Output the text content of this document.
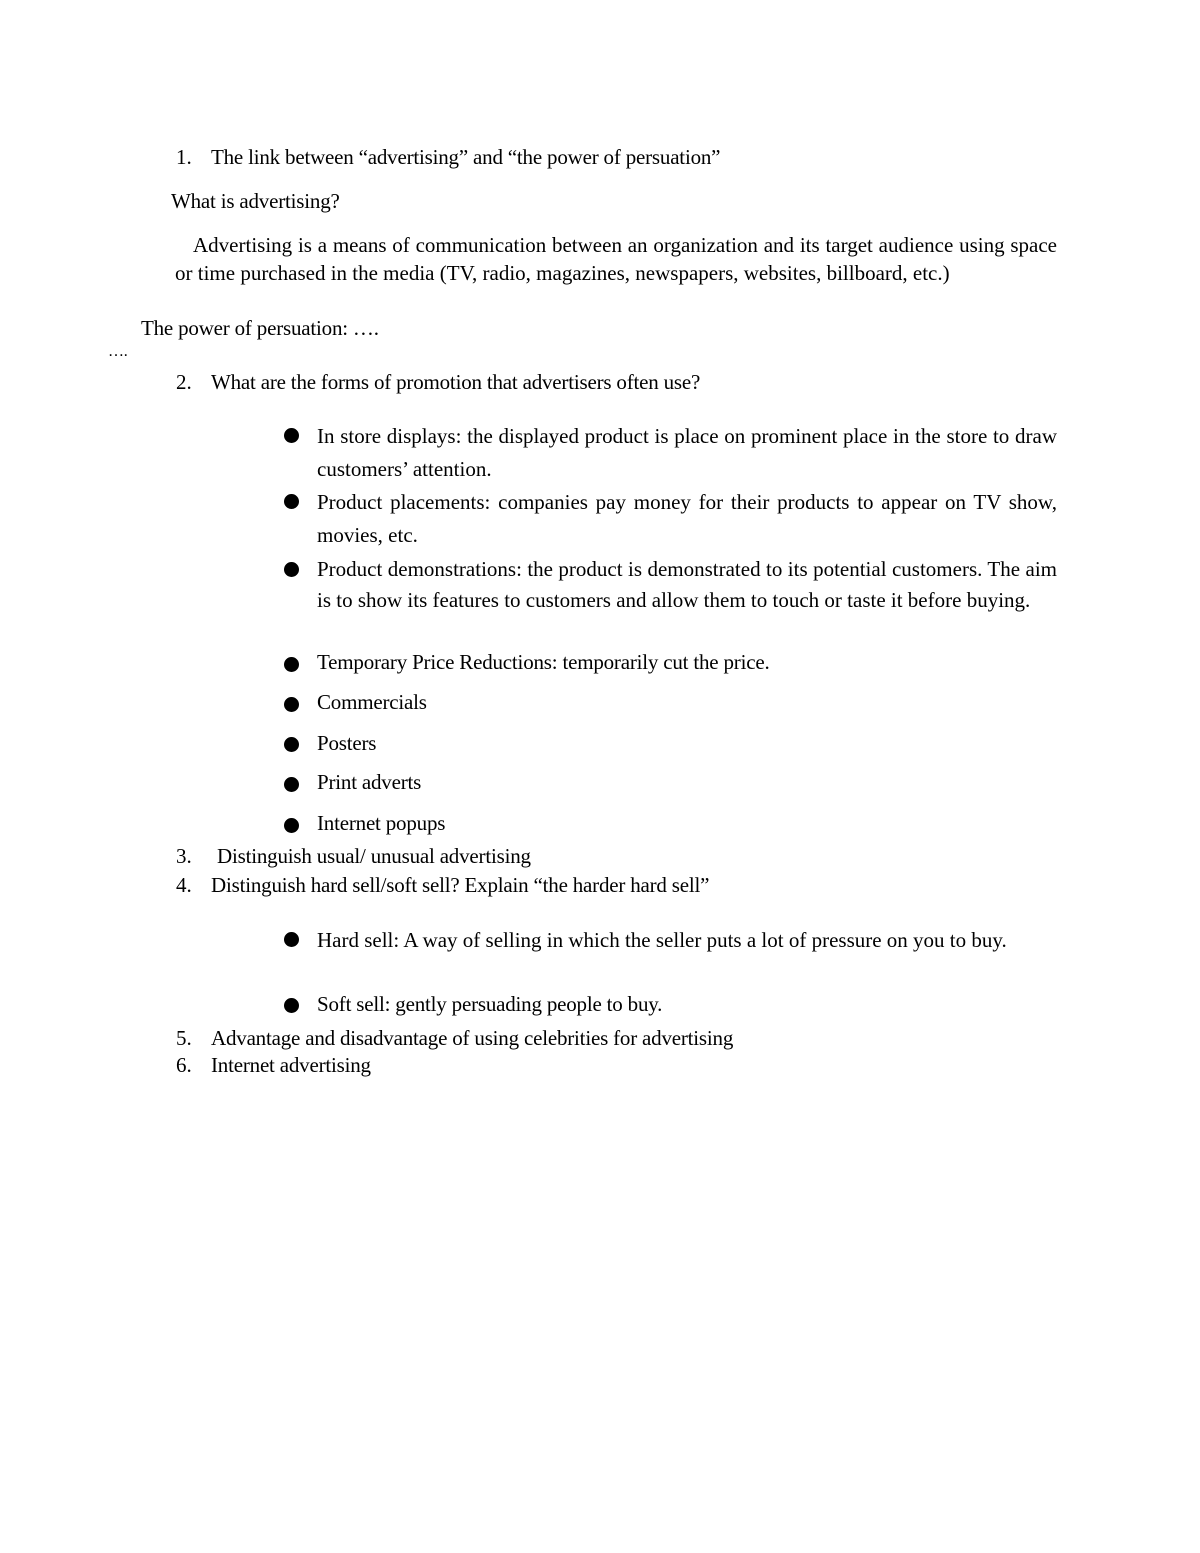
1. The link between “advertising” and “the power of persuation”
What is advertising?
Advertising is a means of communication between an organization and its target audience using space or time purchased in the media (TV, radio, magazines, newspapers, websites, billboard, etc.)
The power of persuation: ….
….
2. What are the forms of promotion that advertisers often use?
In store displays: the displayed product is place on prominent place in the store to draw customers’ attention.
Product placements: companies pay money for their products to appear on TV show, movies, etc.
Product demonstrations: the product is demonstrated to its potential customers. The aim is to show its features to customers and allow them to touch or taste it before buying.
Temporary Price Reductions: temporarily cut the price.
Commercials
Posters
Print adverts
Internet popups
3. Distinguish usual/ unusual advertising
4. Distinguish hard sell/soft sell? Explain “the harder hard sell”
Hard sell: A way of selling in which the seller puts a lot of pressure on you to buy.
Soft sell: gently persuading people to buy.
5. Advantage and disadvantage of using celebrities for advertising
6. Internet advertising
